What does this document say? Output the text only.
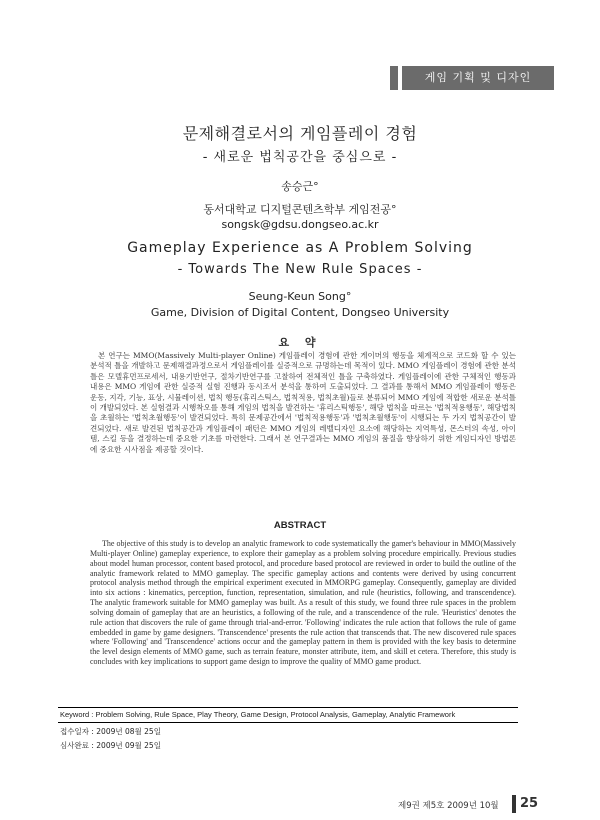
게임 기획 및 디자인
문제해결로서의 게임플레이 경험
- 새로운 법칙공간을 중심으로 -
송승근°
동서대학교 디지털콘텐츠학부 게임전공°
songsk@gdsu.dongseo.ac.kr
Gameplay Experience as A Problem Solving
- Towards The New Rule Spaces -
Seung-Keun Song°
Game, Division of Digital Content, Dongseo University
요 약
본 연구는 MMO(Massively Multi-player Online) 게임플레이 경험에 관한 게이머의 행동을 체계적으로 코드화 할 수 있는 분석적 틀을 개발하고 문제해결과정으로서 게임플레이를 실증적으로 규명하는데 목적이 있다. MMO 게임플레이 경험에 관한 분석틀은 모델휴먼프로세서, 내용기반연구, 절차기반연구를 고찰하여 전체적인 틀을 구축하였다. 게임플레이에 관한 구체적인 행동과 내용은 MMO 게임에 관한 실증적 실험 진행과 동시조서 분석을 통하여 도출되었다. 그 결과를 통해서 MMO 게임플레이 행동은 운동, 지각, 기능, 표상, 시뮬레이션, 법칙 행동(휴리스틱스, 법칙적용, 법칙초월)들로 분류되어 MMO 게임에 적합한 새로운 분석틀이 개발되었다. 본 실험결과 시행착오를 통해 게임의 법칙을 발견하는 '휴리스틱행동', 해당 법칙을 따르는 '법칙적용행동', 해당법칙을 초월하는 '법칙초월행동'이 발견되었다. 특히 문제공간에서 '법칙적용행동'과 '법칙초월행동'이 시행되는 두 가지 법칙공간이 발견되었다. 새로 발견된 법칙공간과 게임플레이 패턴은 MMO 게임의 레벨디자인 요소에 해당하는 지역특성, 몬스터의 속성, 아이템, 스킬 등을 결정하는데 중요한 기초를 마련한다. 그래서 본 연구결과는 MMO 게임의 품질을 향상하기 위한 게임디자인 방법론에 중요한 시사점을 제공할 것이다.
ABSTRACT
The objective of this study is to develop an analytic framework to code systematically the gamer's behaviour in MMO(Massively Multi-player Online) gameplay experience, to explore their gameplay as a problem solving procedure empirically. Previous studies about model human processor, content based protocol, and procedure based protocol are reviewed in order to build the outline of the analytic framework related to MMO gameplay. The specific gameplay actions and contents were derived by using concurrent protocol analysis method through the empirical experiment executed in MMORPG gameplay. Consequently, gameplay are divided into six actions : kinematics, perception, function, representation, simulation, and rule (heuristics, following, and transcendence). The analytic framework suitable for MMO gameplay was built. As a result of this study, we found three rule spaces in the problem solving domain of gameplay that are an heuristics, a following of the rule, and a transcendence of the rule. 'Heuristics' denotes the rule action that discovers the rule of game through trial-and-error. 'Following' indicates the rule action that follows the rule of game embedded in game by game designers. 'Transcendence' presents the rule action that transcends that. The new discovered rule spaces where 'Following' and 'Transcendence' actions occur and the gameplay pattern in them is provided with the key basis to determine the level design elements of MMO game, such as terrain feature, monster attribute, item, and skill et cetera. Therefore, this study is concludes with key implications to support game design to improve the quality of MMO game product.
Keyword : Problem Solving, Rule Space, Play Theory, Game Design, Protocol Analysis, Gameplay, Analytic Framework
접수일자 : 2009년 08월 25일
심사완료 : 2009년 09월 25일
제9권 제5호 2009년 10월 25
